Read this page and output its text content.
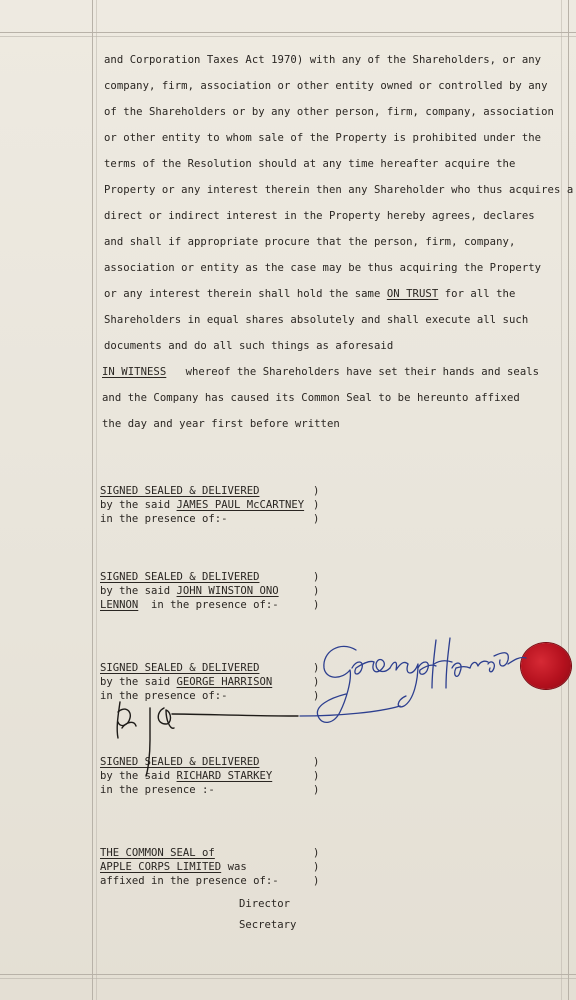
and Corporation Taxes Act 1970) with any of the Shareholders, or any
company, firm, association or other entity owned or controlled by any
of the Shareholders or by any other person, firm, company, association
or other entity to whom sale of the Property is prohibited under the
terms of the Resolution should at any time hereafter acquire the
Property or any interest therein then any Shareholder who thus acquires a
direct or indirect interest in the Property hereby agrees, declares
and shall if appropriate procure that the person, firm, company,
association or entity as the case may be thus acquiring the Property
or any interest therein shall hold the same ON TRUST for all the
Shareholders in equal shares absolutely and shall execute all such
documents and do all such things as aforesaid
IN WITNESS   whereof the Shareholders have set their hands and seals
and the Company has caused its Common Seal to be hereunto affixed
the day and year first before written
SIGNED SEALED & DELIVERED
by the said JAMES PAUL McCARTNEY
in the presence of:-
)
)
)
SIGNED SEALED & DELIVERED
by the said JOHN WINSTON ONO
LENNON  in the presence of:-
)
)
)
SIGNED SEALED & DELIVERED
by the said GEORGE HARRISON
in the presence of:-
)
)
)
SIGNED SEALED & DELIVERED
by the said RICHARD STARKEY
in the presence :-
)
)
)
THE COMMON SEAL of
APPLE CORPS LIMITED was
affixed in the presence of:-
)
)
)
Director
Secretary
